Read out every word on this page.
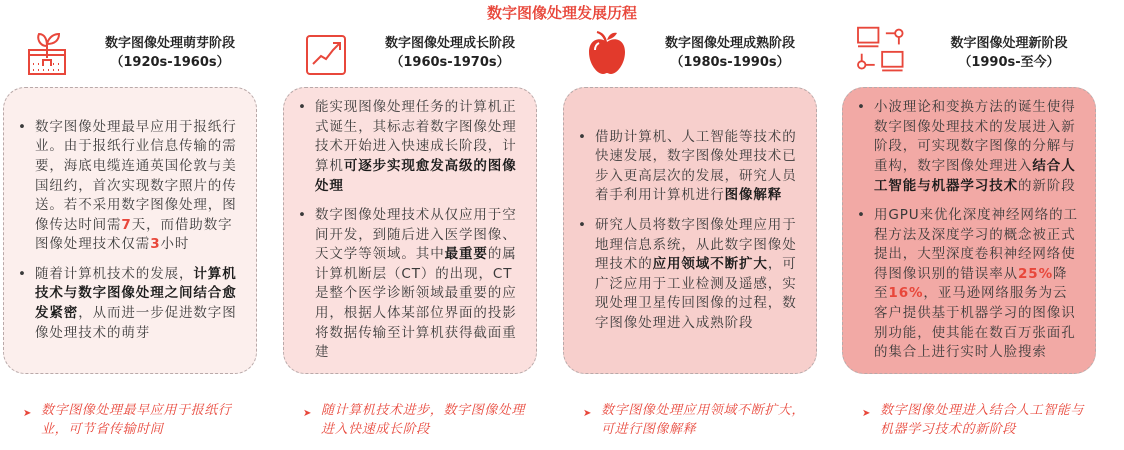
数字图像处理发展历程
数字图像处理萌芽阶段
（1920s-1960s）
• 数字图像处理最早应用于报纸行业。由于报纸行业信息传输的需要，海底电缆连通英国伦敦与美国纽约，首次实现数字照片的传送。若不采用数字图像处理，图像传达时间需7天，而借助数字图像处理技术仅需3小时
• 随着计算机技术的发展，计算机技术与数字图像处理之间结合愈发紧密，从而进一步促进数字图像处理技术的萌芽
➤ 数字图像处理最早应用于报纸行业，可节省传输时间
数字图像处理成长阶段
（1960s-1970s）
• 能实现图像处理任务的计算机正式诞生，其标志着数字图像处理技术开始进入快速成长阶段，计算机可逐步实现愈发高级的图像处理
• 数字图像处理技术从仅应用于空间开发，到随后进入医学图像、天文学等领域。其中最重要的属计算机断层（CT）的出现，CT是整个医学诊断领域最重要的应用，根据人体某部位界面的投影将数据传输至计算机获得截面重建
➤ 随计算机技术进步，数字图像处理进入快速成长阶段
数字图像处理成熟阶段
（1980s-1990s）
• 借助计算机、人工智能等技术的快速发展，数字图像处理技术已步入更高层次的发展，研究人员着手利用计算机进行图像解释
• 研究人员将数字图像处理应用于地理信息系统，从此数字图像处理技术的应用领域不断扩大，可广泛应用于工业检测及遥感，实现处理卫星传回图像的过程，数字图像处理进入成熟阶段
➤ 数字图像处理应用领域不断扩大，可进行图像解释
数字图像处理新阶段
（1990s-至今）
• 小波理论和变换方法的诞生使得数字图像处理技术的发展进入新阶段，可实现数字图像的分解与重构，数字图像处理进入结合人工智能与机器学习技术的新阶段
• 用GPU来优化深度神经网络的工程方法及深度学习的概念被正式提出，大型深度卷积神经网络使得图像识别的错误率从25%降至16%，亚马逊网络服务为云客户提供基于机器学习的图像识别功能，使其能在数百万张面孔的集合上进行实时人脸搜索
➤ 数字图像处理进入结合人工智能与机器学习技术的新阶段
